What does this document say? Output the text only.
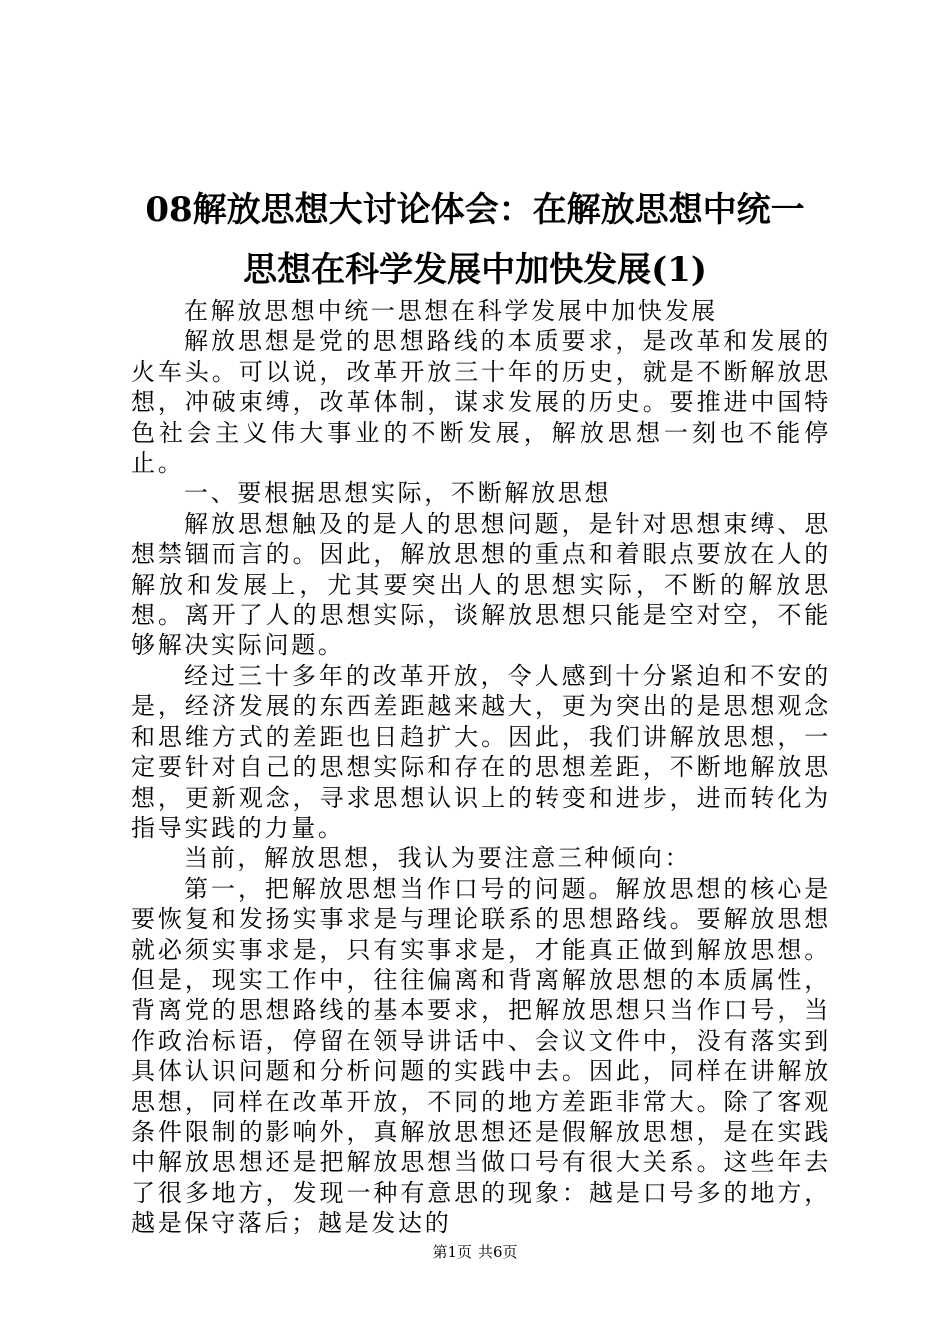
08解放思想大讨论体会：在解放思想中统一
思想在科学发展中加快发展(1)

在解放思想中统一思想在科学发展中加快发展

解放思想是党的思想路线的本质要求，是改革和发展的火车头。可以说，改革开放三十年的历史，就是不断解放思想，冲破束缚，改革体制，谋求发展的历史。要推进中国特色社会主义伟大事业的不断发展，解放思想一刻也不能停止。

一、要根据思想实际，不断解放思想

解放思想触及的是人的思想问题，是针对思想束缚、思想禁锢而言的。因此，解放思想的重点和着眼点要放在人的解放和发展上，尤其要突出人的思想实际，不断的解放思想。离开了人的思想实际，谈解放思想只能是空对空，不能够解决实际问题。

经过三十多年的改革开放，令人感到十分紧迫和不安的是，经济发展的东西差距越来越大，更为突出的是思想观念和思维方式的差距也日趋扩大。因此，我们讲解放思想，一定要针对自己的思想实际和存在的思想差距，不断地解放思想，更新观念，寻求思想认识上的转变和进步，进而转化为指导实践的力量。

当前，解放思想，我认为要注意三种倾向：

第一，把解放思想当作口号的问题。解放思想的核心是要恢复和发扬实事求是与理论联系的思想路线。要解放思想就必须实事求是，只有实事求是，才能真正做到解放思想。但是，现实工作中，往往偏离和背离解放思想的本质属性，背离党的思想路线的基本要求，把解放思想只当作口号，当作政治标语，停留在领导讲话中、会议文件中，没有落实到具体认识问题和分析问题的实践中去。因此，同样在讲解放思想，同样在改革开放，不同的地方差距非常大。除了客观条件限制的影响外，真解放思想还是假解放思想，是在实践中解放思想还是把解放思想当做口号有很大关系。这些年去了很多地方，发现一种有意思的现象：越是口号多的地方，越是保守落后；越是发达的

第1页 共6页
